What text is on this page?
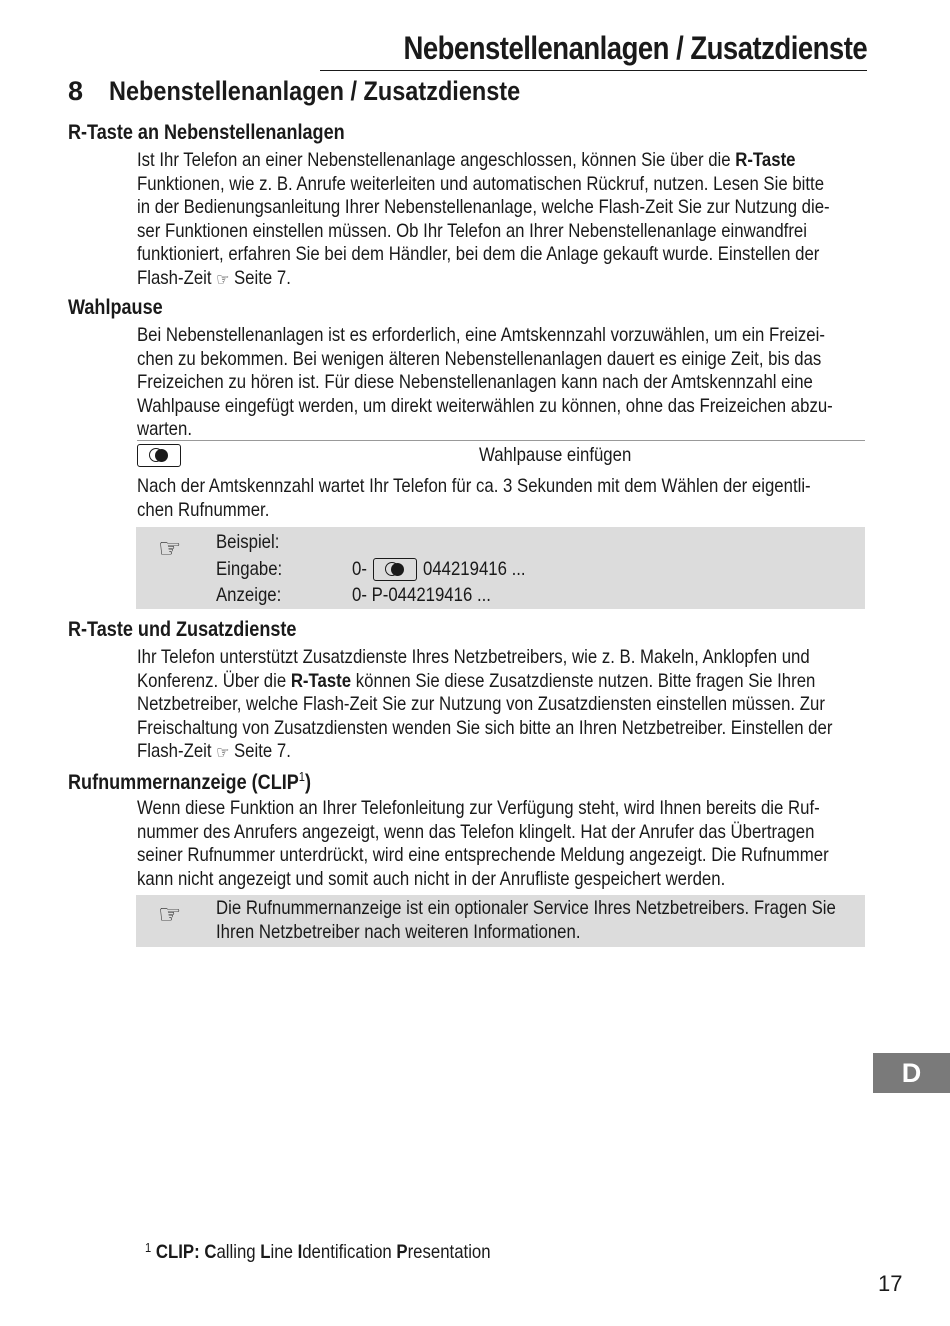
Nebenstellenanlagen / Zusatzdienste
8 Nebenstellenanlagen / Zusatzdienste
R-Taste an Nebenstellenanlagen
Ist Ihr Telefon an einer Nebenstellenanlage angeschlossen, können Sie über die R-Taste
Funktionen, wie z. B. Anrufe weiterleiten und automatischen Rückruf, nutzen. Lesen Sie bitte
in der Bedienungsanleitung Ihrer Nebenstellenanlage, welche Flash-Zeit Sie zur Nutzung die-
ser Funktionen einstellen müssen. Ob Ihr Telefon an Ihrer Nebenstellenanlage einwandfrei
funktioniert, erfahren Sie bei dem Händler, bei dem die Anlage gekauft wurde. Einstellen der
Flash-Zeit ☞ Seite 7.
Wahlpause
Bei Nebenstellenanlagen ist es erforderlich, eine Amtskennzahl vorzuwählen, um ein Freizei-
chen zu bekommen. Bei wenigen älteren Nebenstellenanlagen dauert es einige Zeit, bis das
Freizeichen zu hören ist. Für diese Nebenstellenanlagen kann nach der Amtskennzahl eine
Wahlpause eingefügt werden, um direkt weiterwählen zu können, ohne das Freizeichen abzu-
warten.
Wahlpause einfügen
Nach der Amtskennzahl wartet Ihr Telefon für ca. 3 Sekunden mit dem Wählen der eigentli-
chen Rufnummer.
☞ Beispiel:
Eingabe:	0-	044219416 ...
Anzeige:	0- P-044219416 ...
R-Taste und Zusatzdienste
Ihr Telefon unterstützt Zusatzdienste Ihres Netzbetreibers, wie z. B. Makeln, Anklopfen und
Konferenz. Über die R-Taste können Sie diese Zusatzdienste nutzen. Bitte fragen Sie Ihren
Netzbetreiber, welche Flash-Zeit Sie zur Nutzung von Zusatzdiensten einstellen müssen. Zur
Freischaltung von Zusatzdiensten wenden Sie sich bitte an Ihren Netzbetreiber. Einstellen der
Flash-Zeit ☞ Seite 7.
Rufnummernanzeige (CLIP$^1$)
Wenn diese Funktion an Ihrer Telefonleitung zur Verfügung steht, wird Ihnen bereits die Ruf-
nummer des Anrufers angezeigt, wenn das Telefon klingelt. Hat der Anrufer das Übertragen
seiner Rufnummer unterdrückt, wird eine entsprechende Meldung angezeigt. Die Rufnummer
kann nicht angezeigt und somit auch nicht in der Anrufliste gespeichert werden.
☞ Die Rufnummernanzeige ist ein optionaler Service Ihres Netzbetreibers. Fragen Sie
Ihren Netzbetreiber nach weiteren Informationen.
D
$^1$ CLIP: Calling Line Identification Presentation
17
